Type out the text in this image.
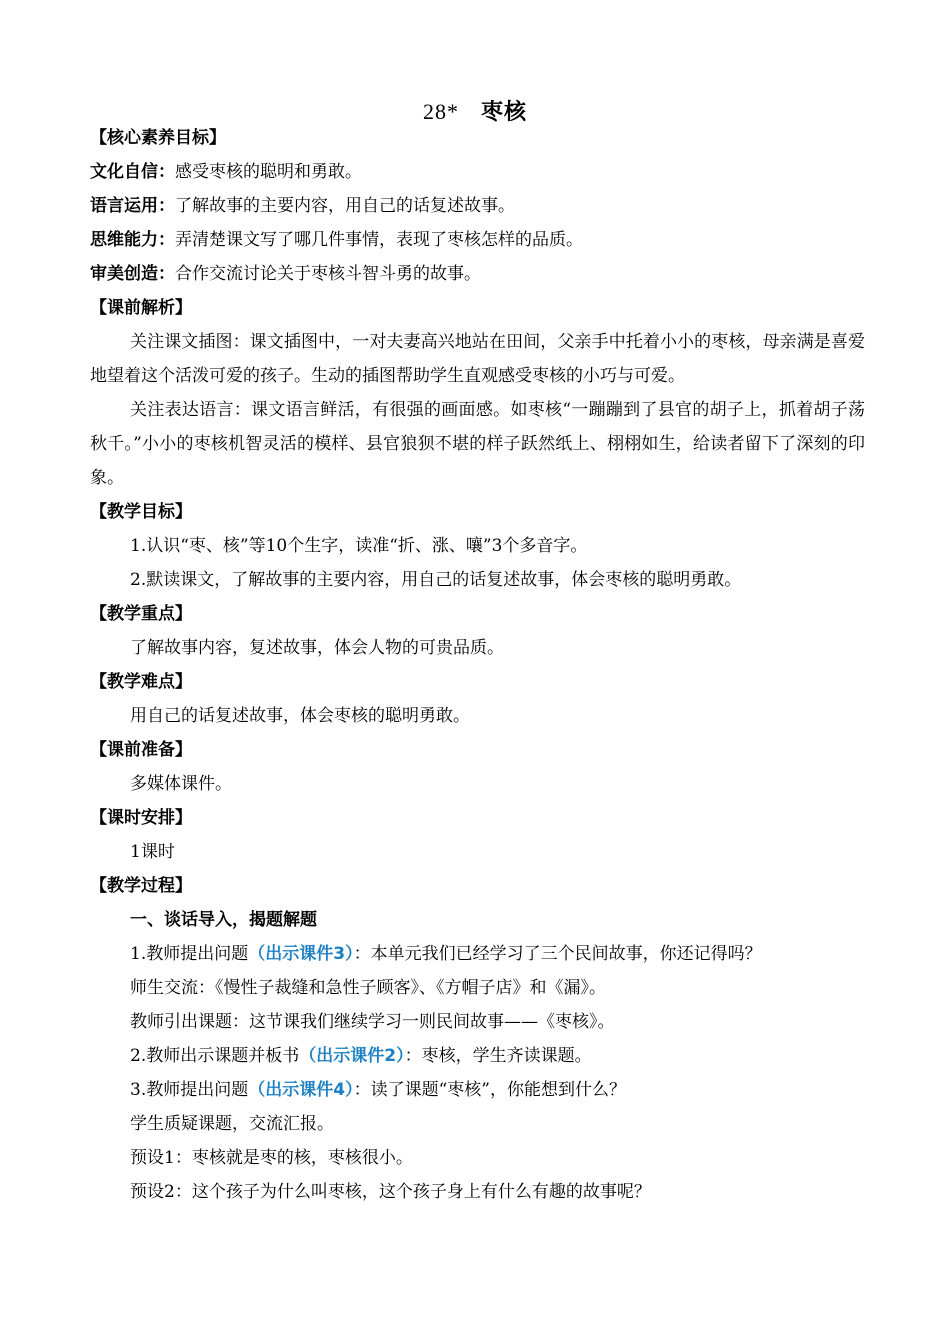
28* 枣核

【核心素养目标】

文化自信：感受枣核的聪明和勇敢。

语言运用：了解故事的主要内容，用自己的话复述故事。

思维能力：弄清楚课文写了哪几件事情，表现了枣核怎样的品质。

审美创造：合作交流讨论关于枣核斗智斗勇的故事。

【课前解析】

关注课文插图：课文插图中，一对夫妻高兴地站在田间，父亲手中托着小小的枣核，母亲满是喜爱地望着这个活泼可爱的孩子。生动的插图帮助学生直观感受枣核的小巧与可爱。

关注表达语言：课文语言鲜活，有很强的画面感。如枣核“一蹦蹦到了县官的胡子上，抓着胡子荡秋千。”小小的枣核机智灵活的模样、县官狼狈不堪的样子跃然纸上、栩栩如生，给读者留下了深刻的印象。

【教学目标】

1.认识“枣、核”等10个生字，读准“折、涨、嚷”3个多音字。

2.默读课文，了解故事的主要内容，用自己的话复述故事，体会枣核的聪明勇敢。

【教学重点】

了解故事内容，复述故事，体会人物的可贵品质。

【教学难点】

用自己的话复述故事，体会枣核的聪明勇敢。

【课前准备】

多媒体课件。

【课时安排】

1课时

【教学过程】

一、谈话导入，揭题解题

1.教师提出问题（出示课件3）：本单元我们已经学习了三个民间故事，你还记得吗？

师生交流：《慢性子裁缝和急性子顾客》、《方帽子店》和《漏》。

教师引出课题：这节课我们继续学习一则民间故事——《枣核》。

2.教师出示课题并板书（出示课件2）：枣核，学生齐读课题。

3.教师提出问题（出示课件4）：读了课题“枣核”，你能想到什么？

学生质疑课题，交流汇报。

预设1：枣核就是枣的核，枣核很小。

预设2：这个孩子为什么叫枣核，这个孩子身上有什么有趣的故事呢？
